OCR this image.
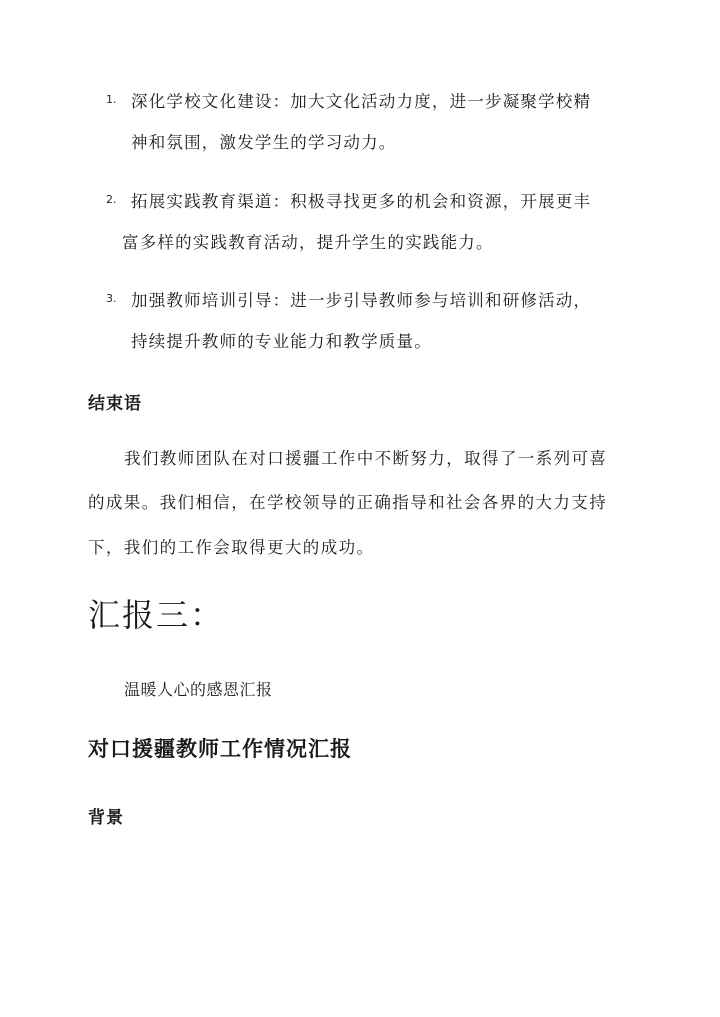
1. 深化学校文化建设：加大文化活动力度，进一步凝聚学校精
神和氛围，激发学生的学习动力。
2. 拓展实践教育渠道：积极寻找更多的机会和资源，开展更丰
富多样的实践教育活动，提升学生的实践能力。
3. 加强教师培训引导：进一步引导教师参与培训和研修活动，
持续提升教师的专业能力和教学质量。
结束语
我们教师团队在对口援疆工作中不断努力，取得了一系列可喜
的成果。我们相信，在学校领导的正确指导和社会各界的大力支持
下，我们的工作会取得更大的成功。
汇报三：
温暖人心的感恩汇报
对口援疆教师工作情况汇报
背景
